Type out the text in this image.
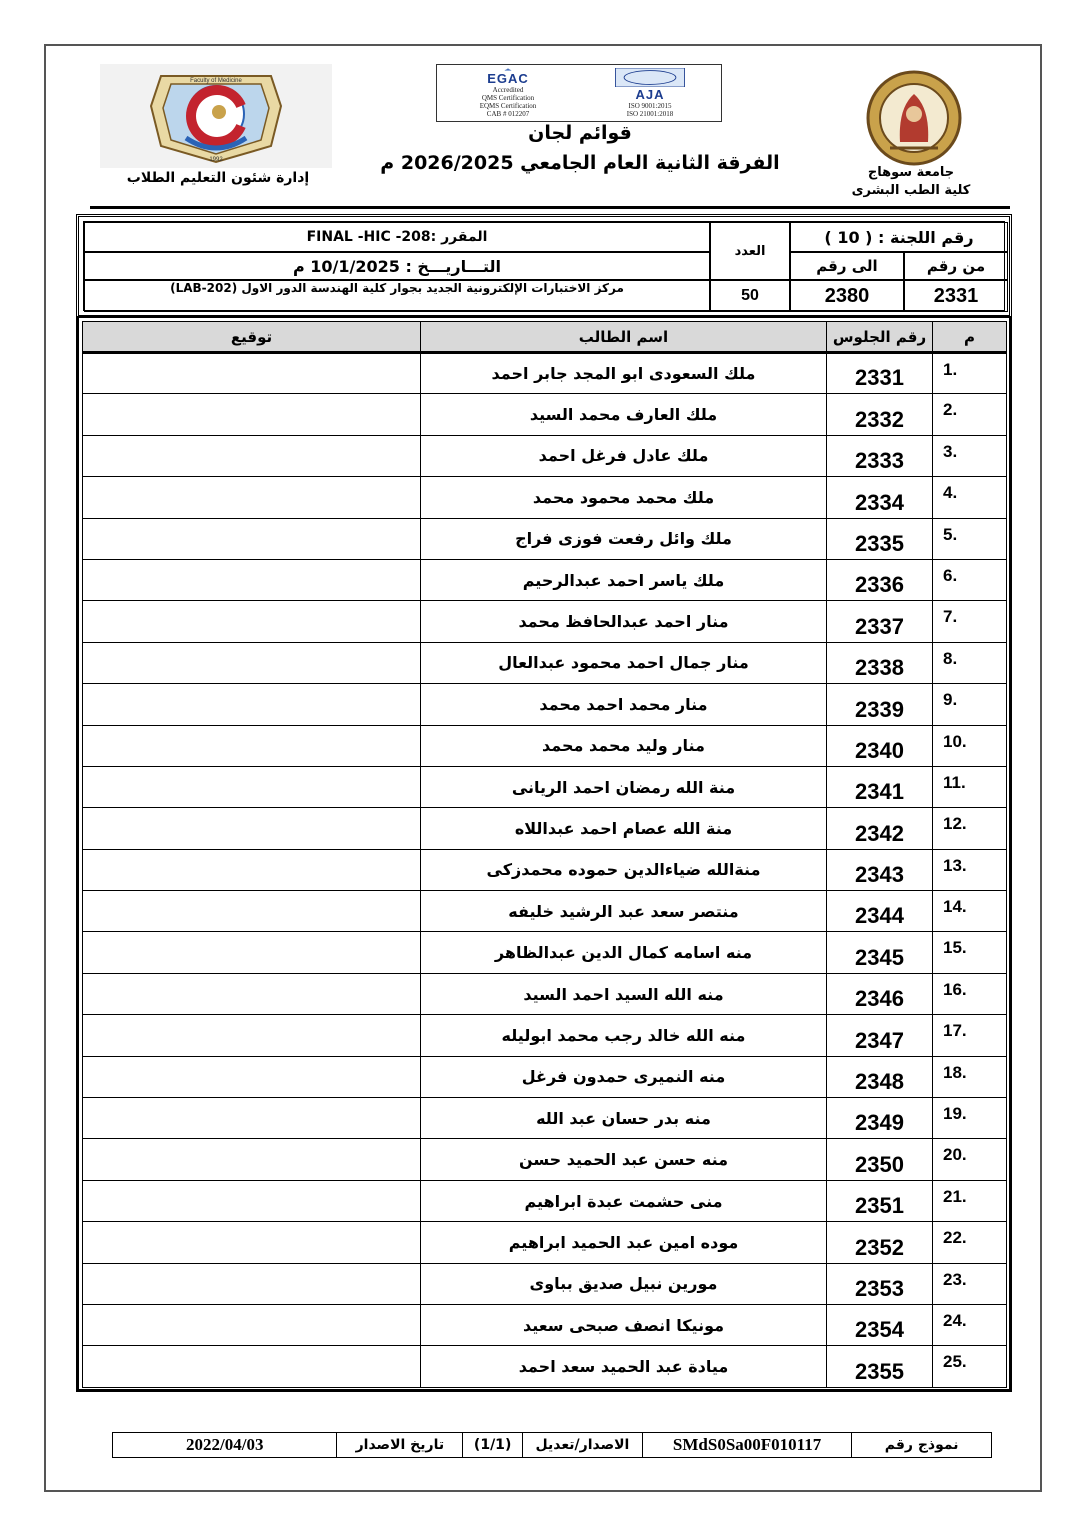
Faculty of Medicine
1992
EGAC
Accredited
QMS Certification
EQMS Certification
CAB # 012207
AJA
ISO 9001:2015
ISO 21001:2018
قوائم لجان
الفرقة الثانية العام الجامعي 2026/2025 م
إدارة شئون التعليم الطلاب	جامعة سوهاج
كلية الطب البشرى
المقرر :FINAL -HIC -208
التـــاريـــخ : 10/1/2025 م
مركز الاختبارات الإلكترونية الجديد بجوار كلية الهندسة الدور الاول (LAB-202)
العدد
50
رقم اللجنة : ( 10 )
الى رقم	من رقم
2380	2331
م	رقم الجلوس	اسم الطالب	توقيع
1.	2331	ملك السعودى ابو المجد جابر احمد	
2.	2332	ملك العارف محمد السيد	
3.	2333	ملك عادل فرغل احمد	
4.	2334	ملك محمد محمود محمد	
5.	2335	ملك وائل رفعت فوزى فراج	
6.	2336	ملك ياسر احمد عبدالرحيم	
7.	2337	منار احمد عبدالحافظ محمد	
8.	2338	منار جمال احمد محمود عبدالعال	
9.	2339	منار محمد احمد محمد	
10.	2340	منار وليد محمد محمد	
11.	2341	منة الله رمضان احمد الريانى	
12.	2342	منة الله عصام احمد عبداللاه	
13.	2343	منةالله ضياءالدين حموده محمدزكى	
14.	2344	منتصر سعد عبد الرشيد خليفه	
15.	2345	منه اسامه كمال الدين عبدالظاهر	
16.	2346	منه الله السيد احمد السيد	
17.	2347	منه الله خالد رجب محمد ابوليله	
18.	2348	منه النميرى حمدون فرغل	
19.	2349	منه بدر حسان عبد الله	
20.	2350	منه حسن عبد الحميد حسن	
21.	2351	منى حشمت عبدة ابراهيم	
22.	2352	موده امين عبد الحميد ابراهيم	
23.	2353	مورين نبيل صديق بباوى	
24.	2354	مونيكا انصف صبحى سعيد	
25.	2355	ميادة عبد الحميد سعد احمد	
نموذج رقم
SMdS0Sa00F010117
الاصدار/تعديل
(1/1)
تاريخ الاصدار
2022/04/03
